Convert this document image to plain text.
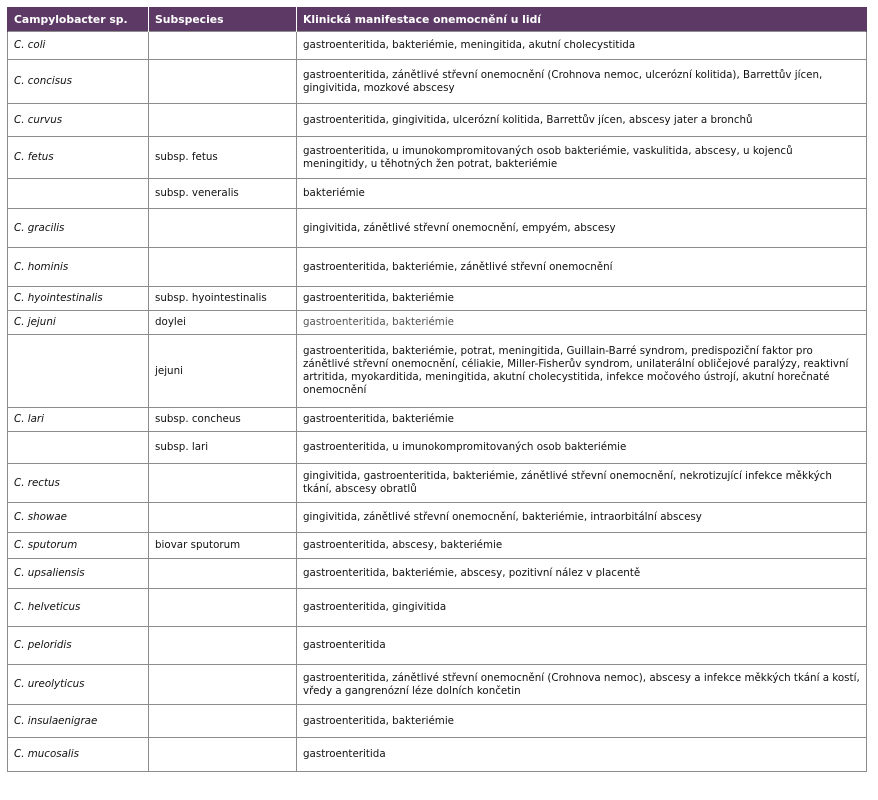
Campylobacter sp.	Subspecies	Klinická manifestace onemocnění u lidí
C. coli		gastroenteritida, bakteriémie, meningitida, akutní cholecystitida
C. concisus		gastroenteritida, zánětlivé střevní onemocnění (Crohnova nemoc, ulcerózní kolitida), Barrettův jícen, gingivitida, mozkové abscesy
C. curvus		gastroenteritida, gingivitida, ulcerózní kolitida, Barrettův jícen, abscesy jater a bronchů
C. fetus	subsp. fetus	gastroenteritida, u imunokompromitovaných osob bakteriémie, vaskulitida, abscesy, u kojenců meningitidy, u těhotných žen potrat, bakteriémie
	subsp. veneralis	bakteriémie
C. gracilis		gingivitida, zánětlivé střevní onemocnění, empyém, abscesy
C. hominis		gastroenteritida, bakteriémie, zánětlivé střevní onemocnění
C. hyointestinalis	subsp. hyointestinalis	gastroenteritida, bakteriémie
C. jejuni	doylei	gastroenteritida, bakteriémie
	jejuni	gastroenteritida, bakteriémie, potrat, meningitida, Guillain-Barré syndrom, predispoziční faktor pro zánětlivé střevní onemocnění, céliakie, Miller-Fisherův syndrom, unilaterální obličejové paralýzy, reaktivní artritida, myokarditida, meningitida, akutní cholecystitida, infekce močového ústrojí, akutní horečnaté onemocnění
C. lari	subsp. concheus	gastroenteritida, bakteriémie
	subsp. lari	gastroenteritida, u imunokompromitovaných osob bakteriémie
C. rectus		gingivitida, gastroenteritida, bakteriémie, zánětlivé střevní onemocnění, nekrotizující infekce měkkých tkání, abscesy obratlů
C. showae		gingivitida, zánětlivé střevní onemocnění, bakteriémie, intraorbitální abscesy
C. sputorum	biovar sputorum	gastroenteritida, abscesy, bakteriémie
C. upsaliensis		gastroenteritida, bakteriémie, abscesy, pozitivní nález v placentě
C. helveticus		gastroenteritida, gingivitida
C. peloridis		gastroenteritida
C. ureolyticus		gastroenteritida, zánětlivé střevní onemocnění (Crohnova nemoc), abscesy a infekce měkkých tkání a kostí, vředy a gangrenózní léze dolních končetin
C. insulaenigrae		gastroenteritida, bakteriémie
C. mucosalis		gastroenteritida
